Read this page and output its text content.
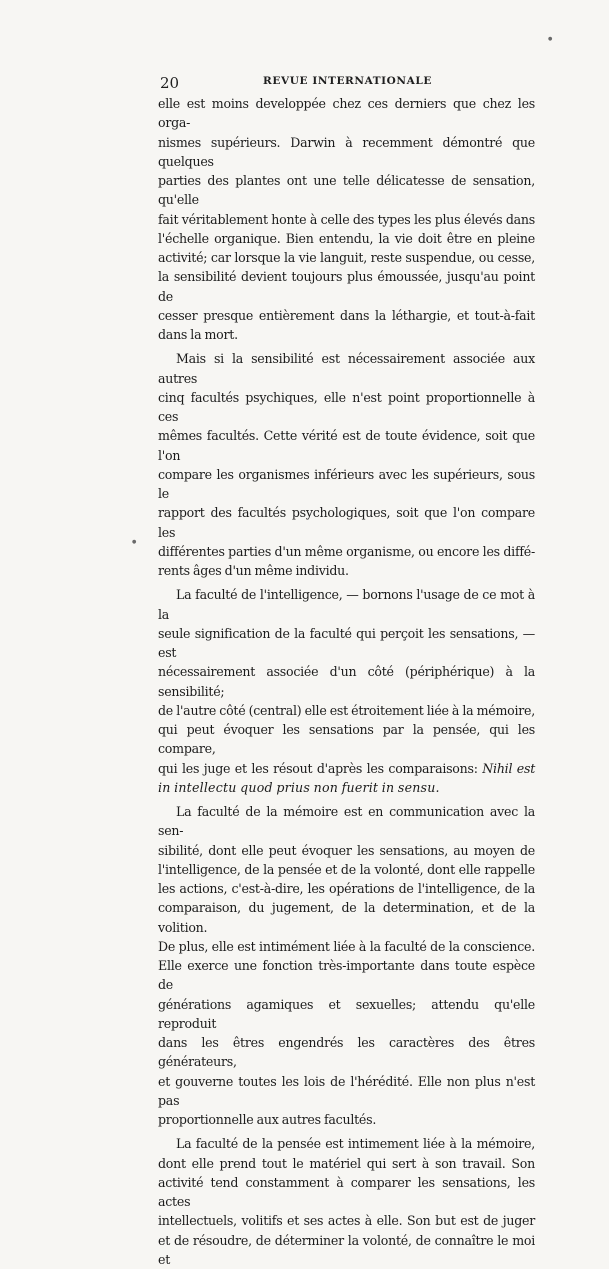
●
●
20	REVUE INTERNATIONALE

elle est moins developpée chez ces derniers que chez les orga-

nismes supérieurs. Darwin à recemment démontré que quelques

parties des plantes ont une telle délicatesse de sensation, qu'elle

fait véritablement honte à celle des types les plus élevés dans

l'échelle organique. Bien entendu, la vie doit être en pleine

activité; car lorsque la vie languit, reste suspendue, ou cesse,

la sensibilité devient toujours plus émoussée, jusqu'au point de

cesser presque entièrement dans la léthargie, et tout-à-fait

dans la mort.

Mais si la sensibilité est nécessairement associée aux autres

cinq facultés psychiques, elle n'est point proportionnelle à ces

mêmes facultés. Cette vérité est de toute évidence, soit que l'on

compare les organismes inférieurs avec les supérieurs, sous le

rapport des facultés psychologiques, soit que l'on compare les

différentes parties d'un même organisme, ou encore les diffé-

rents âges d'un même individu.

La faculté de l'intelligence, — bornons l'usage de ce mot à la

seule signification de la faculté qui perçoit les sensations, — est

nécessairement associée d'un côté (périphérique) à la sensibilité;

de l'autre côté (central) elle est étroitement liée à la mémoire,

qui peut évoquer les sensations par la pensée, qui les compare,

qui les juge et les résout d'après les comparaisons: Nihil est

in intellectu quod prius non fuerit in sensu.

La faculté de la mémoire est en communication avec la sen-

sibilité, dont elle peut évoquer les sensations, au moyen de

l'intelligence, de la pensée et de la volonté, dont elle rappelle

les actions, c'est-à-dire, les opérations de l'intelligence, de la

comparaison, du jugement, de la determination, et de la volition.

De plus, elle est intimément liée à la faculté de la conscience.

Elle exerce une fonction très-importante dans toute espèce de

générations agamiques et sexuelles; attendu qu'elle reproduit

dans les êtres engendrés les caractères des êtres générateurs,

et gouverne toutes les lois de l'hérédité. Elle non plus n'est pas

proportionnelle aux autres facultés.

La faculté de la pensée est intimement liée à la mémoire,

dont elle prend tout le matériel qui sert à son travail. Son

activité tend constamment à comparer les sensations, les actes

intellectuels, volitifs et ses actes à elle. Son but est de juger

et de résoudre, de déterminer la volonté, de connaître le moi et
